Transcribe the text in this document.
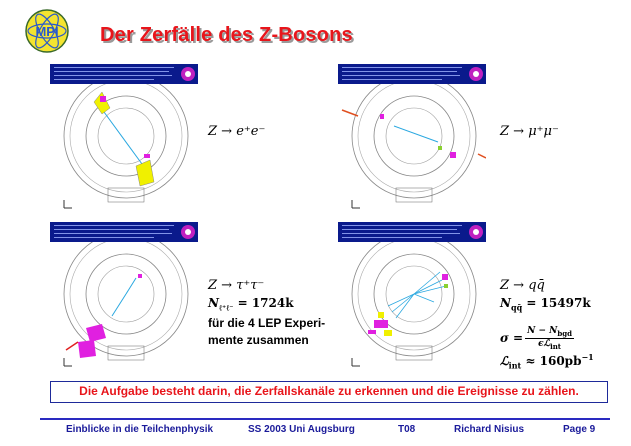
MPI Der Zerfälle des Z-Bosons
Z → e⁺e⁻	Z → μ⁺μ⁻
Z → τ⁺τ⁻
$N_{\ell^+\ell^-} = 1724k$
für die 4 LEP Experi-
mente zusammen
Z → qq̄
$N_{qq̄} = 15497k$
σ =
$N - N_{bgd}$
ϵℒ$_{int}$
ℒ$_{int}$ ≈ $160pb^{-1}$
Die Aufgabe besteht darin, die Zerfallskanäle zu erkennen und die Ereignisse zu zählen.
Einblicke in die Teilchenphysik	SS 2003 Uni Augsburg	T08	Richard Nisius	Page 9
